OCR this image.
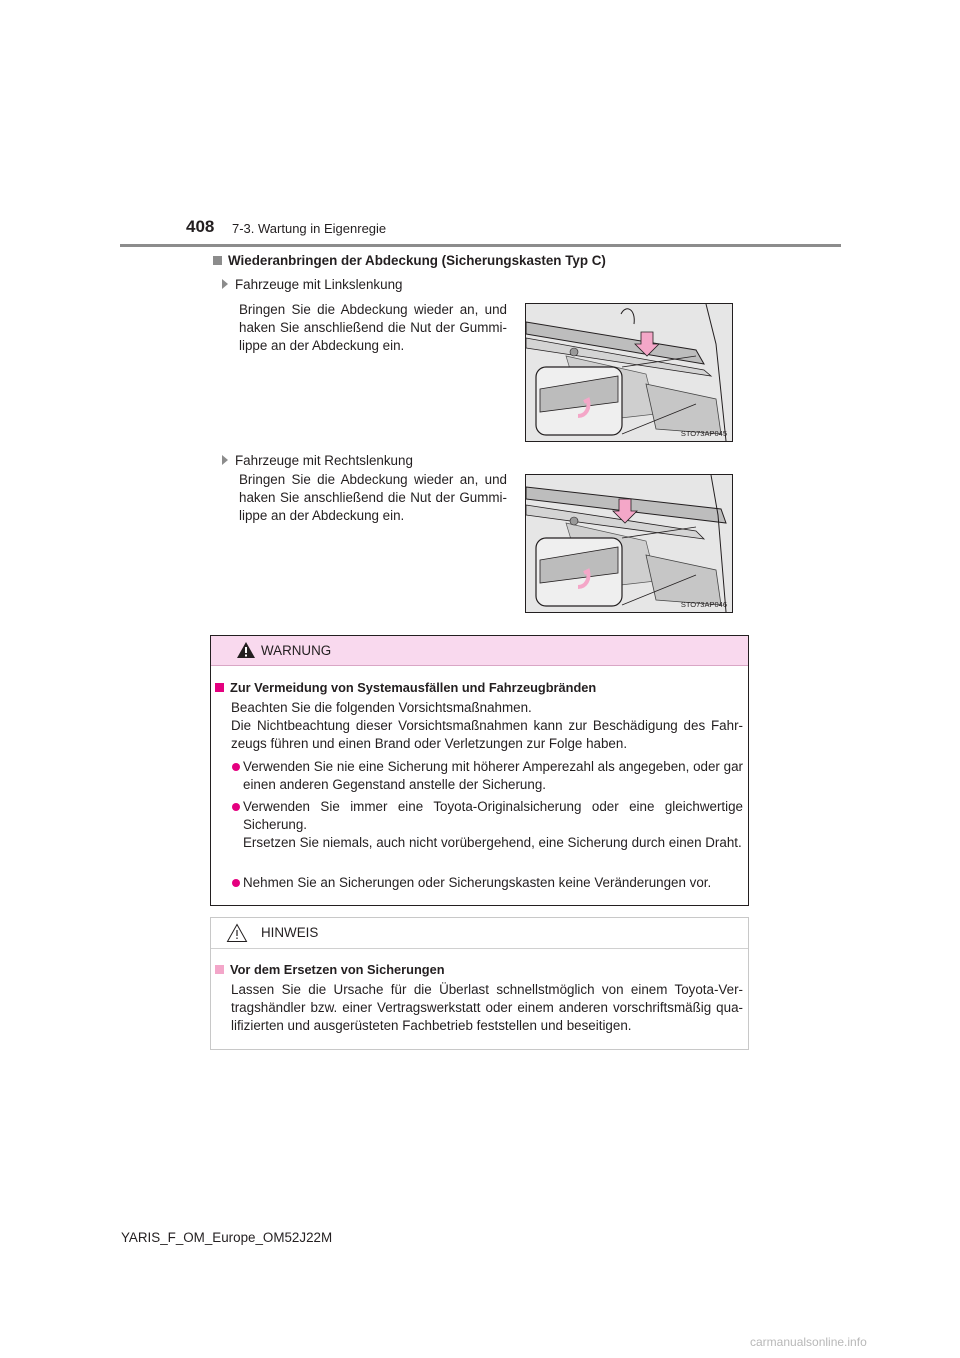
408 7-3. Wartung in Eigenregie
Wiederanbringen der Abdeckung (Sicherungskasten Typ C)
Fahrzeuge mit Linkslenkung
Bringen Sie die Abdeckung wieder an, und haken Sie anschließend die Nut der Gummi-lippe an der Abdeckung ein.
STO73AP045
Fahrzeuge mit Rechtslenkung
Bringen Sie die Abdeckung wieder an, und haken Sie anschließend die Nut der Gummi-lippe an der Abdeckung ein.
STO73AP046
WARNUNG
Zur Vermeidung von Systemausfällen und Fahrzeugbränden
Beachten Sie die folgenden Vorsichtsmaßnahmen.
Die Nichtbeachtung dieser Vorsichtsmaßnahmen kann zur Beschädigung des Fahr-zeugs führen und einen Brand oder Verletzungen zur Folge haben.
Verwenden Sie nie eine Sicherung mit höherer Amperezahl als angegeben, oder gar einen anderen Gegenstand anstelle der Sicherung.
Verwenden Sie immer eine Toyota-Originalsicherung oder eine gleichwertige Sicherung.
Ersetzen Sie niemals, auch nicht vorübergehend, eine Sicherung durch einen Draht.
Nehmen Sie an Sicherungen oder Sicherungskasten keine Veränderungen vor.
HINWEIS
Vor dem Ersetzen von Sicherungen
Lassen Sie die Ursache für die Überlast schnellstmöglich von einem Toyota-Ver-tragshändler bzw. einer Vertragswerkstatt oder einem anderen vorschriftsmäßig qua-lifizierten und ausgerüsteten Fachbetrieb feststellen und beseitigen.
YARIS_F_OM_Europe_OM52J22M
carmanualsonline.info
